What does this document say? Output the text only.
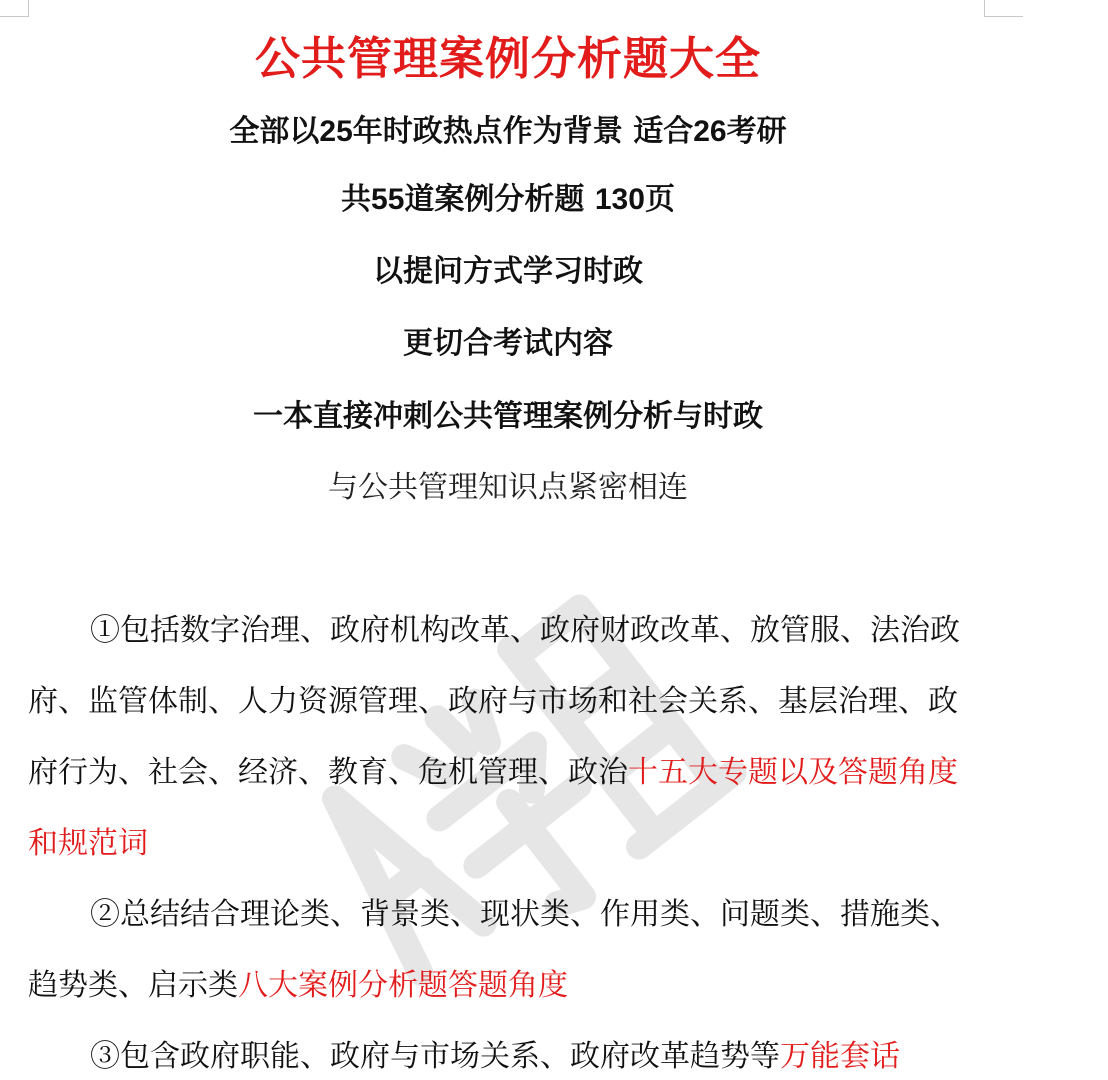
公共管理案例分析题大全

全部以25年时政热点作为背景 适合26考研

共55道案例分析题 130页

以提问方式学习时政

更切合考试内容

一本直接冲刺公共管理案例分析与时政

与公共管理知识点紧密相连

①包括数字治理、政府机构改革、政府财政改革、放管服、法治政府、监管体制、人力资源管理、政府与市场和社会关系、基层治理、政府行为、社会、经济、教育、危机管理、政治十五大专题以及答题角度和规范词

②总结结合理论类、背景类、现状类、作用类、问题类、措施类、趋势类、启示类八大案例分析题答题角度

③包含政府职能、政府与市场关系、政府改革趋势等万能套话
